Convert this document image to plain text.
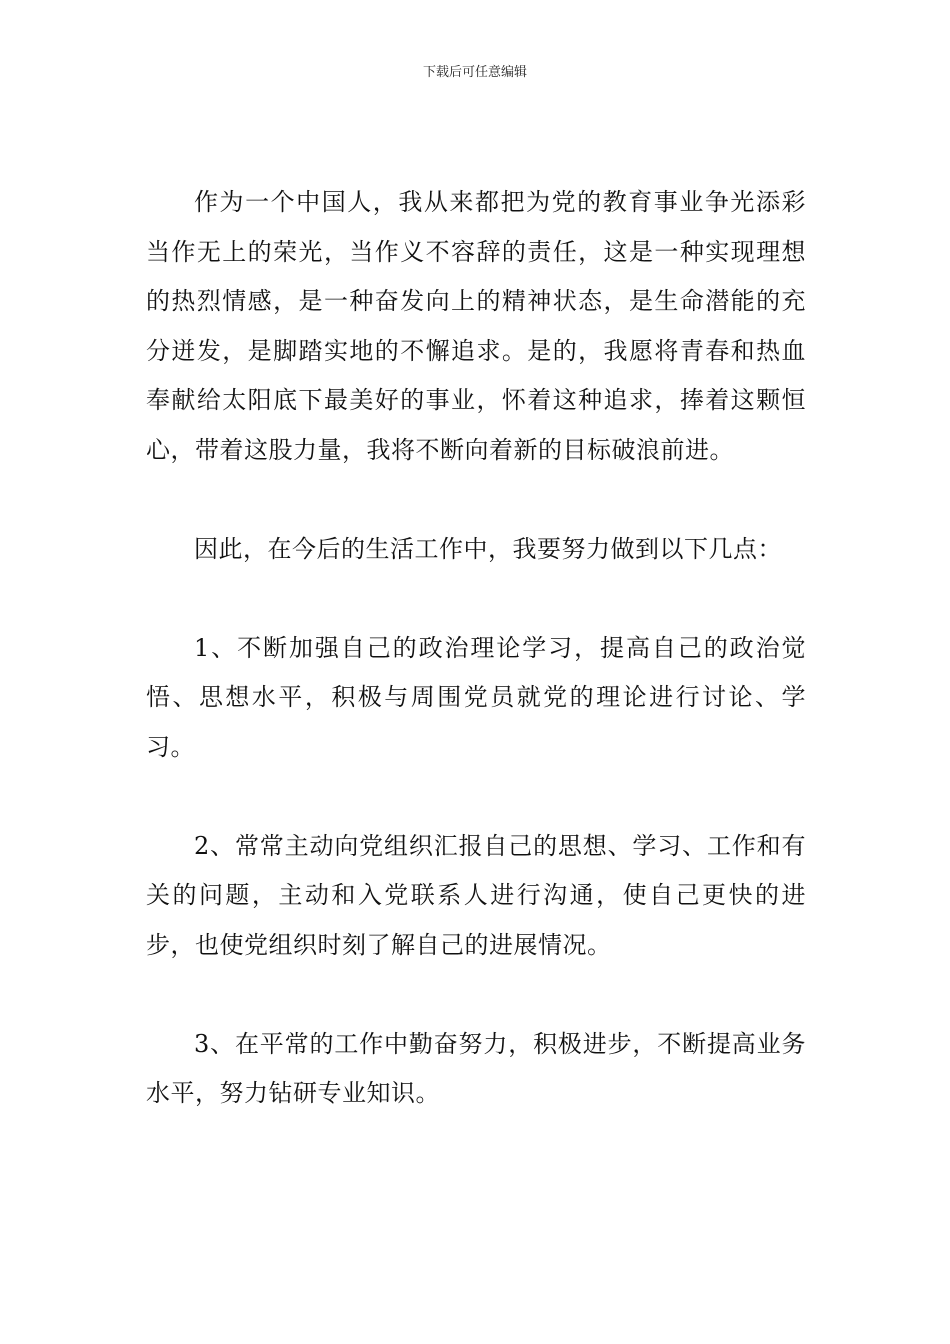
下载后可任意编辑

作为一个中国人，我从来都把为党的教育事业争光添彩当作无上的荣光，当作义不容辞的责任，这是一种实现理想的热烈情感，是一种奋发向上的精神状态，是生命潜能的充分迸发，是脚踏实地的不懈追求。是的，我愿将青春和热血奉献给太阳底下最美好的事业，怀着这种追求，捧着这颗恒心，带着这股力量，我将不断向着新的目标破浪前进。

因此，在今后的生活工作中，我要努力做到以下几点：

1、不断加强自己的政治理论学习，提高自己的政治觉悟、思想水平，积极与周围党员就党的理论进行讨论、学习。

2、常常主动向党组织汇报自己的思想、学习、工作和有关的问题，主动和入党联系人进行沟通，使自己更快的进步，也使党组织时刻了解自己的进展情况。

3、在平常的工作中勤奋努力，积极进步，不断提高业务水平，努力钻研专业知识。
